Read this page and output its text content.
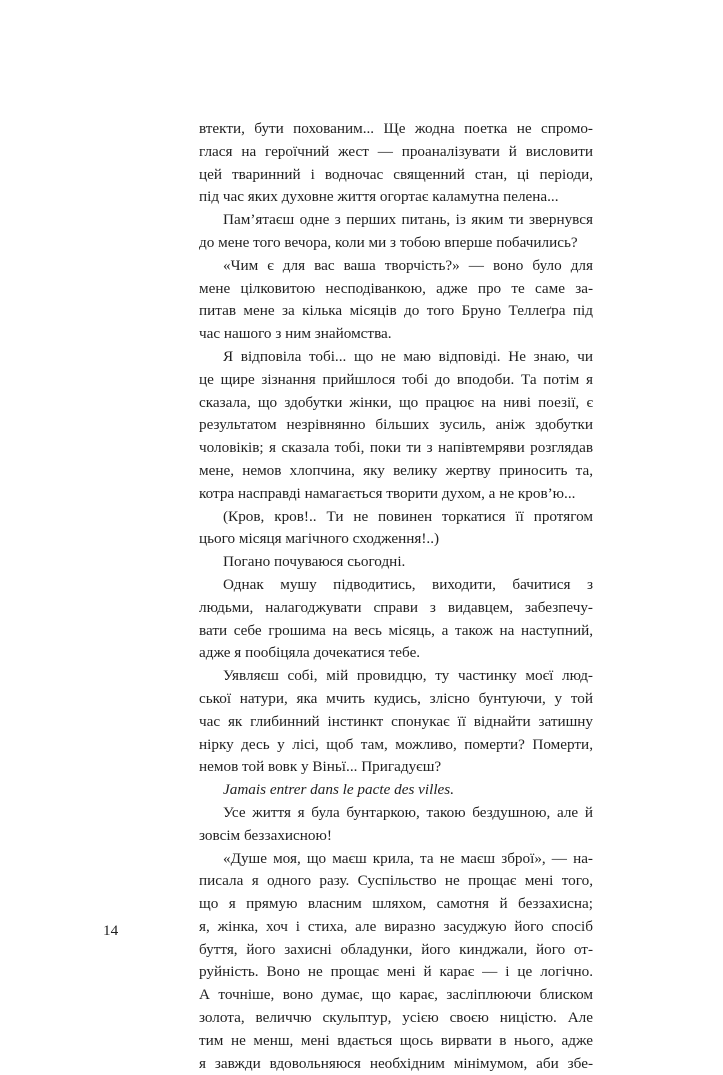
втекти, бути похованим... Ще жодна поетка не спромо-
глася на героїчний жест — проаналізувати й висловити
цей тваринний і водночас священний стан, ці періоди,
під час яких духовне життя огортає каламутна пелена...
Пам’ятаєш одне з перших питань, із яким ти звернувся
до мене того вечора, коли ми з тобою вперше побачились?
«Чим є для вас ваша творчість?» — воно було для
мене цілковитою несподіванкою, адже про те саме за-
питав мене за кілька місяців до того Бруно Теллеґра під
час нашого з ним знайомства.
Я відповіла тобі... що не маю відповіді. Не знаю, чи
це щире зізнання прийшлося тобі до вподоби. Та потім я
сказала, що здобутки жінки, що працює на ниві поезії, є
результатом незрівнянно більших зусиль, аніж здобутки
чоловіків; я сказала тобі, поки ти з напівтемряви розглядав
мене, немов хлопчина, яку велику жертву приносить та,
котра насправді намагається творити духом, а не кров’ю...
(Кров, кров!.. Ти не повинен торкатися її протягом
цього місяця магічного сходження!..)
Погано почуваюся сьогодні.
Однак мушу підводитись, виходити, бачитися з
людьми, налагоджувати справи з видавцем, забезпечу-
вати себе грошима на весь місяць, а також на наступний,
адже я пообіцяла дочекатися тебе.
Уявляєш собі, мій провидцю, ту частинку моєї люд-
ської натури, яка мчить кудись, злісно бунтуючи, у той
час як глибинний інстинкт спонукає її віднайти затишну
нірку десь у лісі, щоб там, можливо, померти? Померти,
немов той вовк у Віньї... Пригадуєш?
Jamais entrer dans le pacte des villes.
Усе життя я була бунтаркою, такою бездушною, але й
зовсім беззахисною!
«Душе моя, що маєш крила, та не маєш зброї», — на-
писала я одного разу. Суспільство не прощає мені того,
що я прямую власним шляхом, самотня й беззахисна;
я, жінка, хоч і стиха, але виразно засуджую його спосіб
буття, його захисні обладунки, його кинджали, його от-
руйність. Воно не прощає мені й карає — і це логічно.
А точніше, воно думає, що карає, засліплюючи блиском
золота, величчю скульптур, усією своєю ницістю. Але
тим не менш, мені вдається щось вирвати в нього, адже
я завжди вдовольняюся необхідним мінімумом, аби збе-
14
